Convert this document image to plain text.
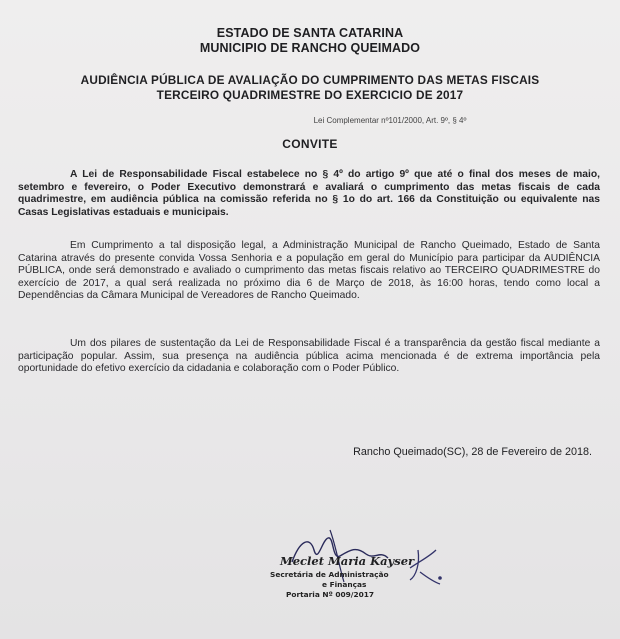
ESTADO DE SANTA CATARINA
MUNICIPIO DE RANCHO QUEIMADO
AUDIÊNCIA PÚBLICA DE AVALIAÇÃO DO CUMPRIMENTO DAS METAS FISCAIS
TERCEIRO QUADRIMESTRE DO EXERCICIO DE 2017
Lei Complementar nº101/2000, Art. 9º, § 4º
CONVITE
A Lei de Responsabilidade Fiscal estabelece no § 4º do artigo 9º que até o final dos meses de maio, setembro e fevereiro, o Poder Executivo demonstrará e avaliará o cumprimento das metas fiscais de cada quadrimestre, em audiência pública na comissão referida no § 1o do art. 166 da Constituição ou equivalente nas Casas Legislativas estaduais e municipais.
Em Cumprimento a tal disposição legal, a Administração Municipal de Rancho Queimado, Estado de Santa Catarina através do presente convida Vossa Senhoria e a população em geral do Município para participar da AUDIÊNCIA PÚBLICA, onde será demonstrado e avaliado o cumprimento das metas fiscais relativo ao TERCEIRO QUADRIMESTRE do exercício de 2017, a qual será realizada no próximo dia 6 de Março de 2018, às 16:00 horas, tendo como local a Dependências da Câmara Municipal de Vereadores de Rancho Queimado.
Um dos pilares de sustentação da Lei de Responsabilidade Fiscal é a transparência da gestão fiscal mediante a participação popular. Assim, sua presença na audiência pública acima mencionada é de extrema importância pela oportunidade do efetivo exercício da cidadania e colaboração com o Poder Público.
Rancho Queimado(SC), 28 de Fevereiro de 2018.
Meclet Maria Kayser
Secretária de Administração
e Finanças
Portaria Nº 009/2017
